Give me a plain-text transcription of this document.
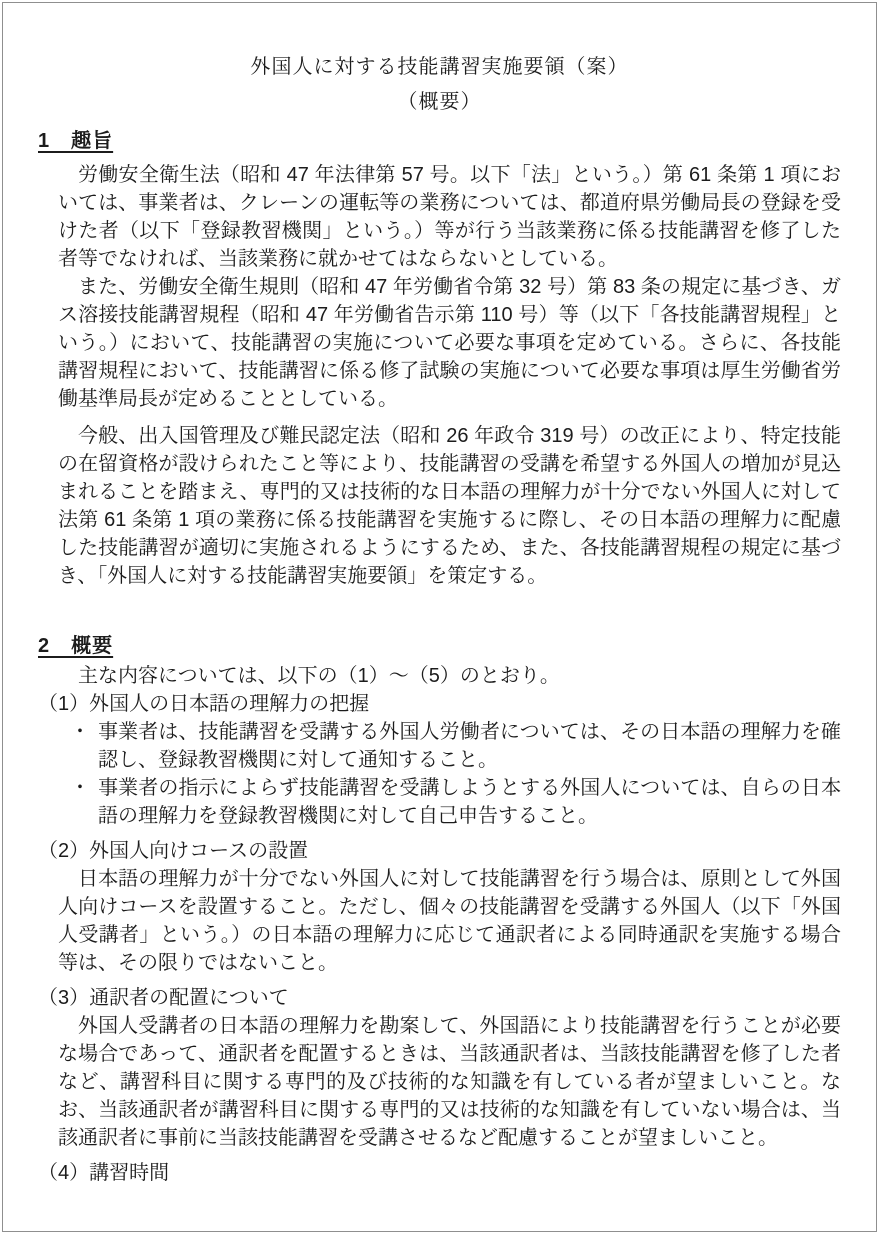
外国人に対する技能講習実施要領（案）
（概要）
1　趣旨
労働安全衛生法（昭和 47 年法律第 57 号。以下「法」という。）第 61 条第 1 項においては、事業者は、クレーンの運転等の業務については、都道府県労働局長の登録を受けた者（以下「登録教習機関」という。）等が行う当該業務に係る技能講習を修了した者等でなければ、当該業務に就かせてはならないとしている。
また、労働安全衛生規則（昭和 47 年労働省令第 32 号）第 83 条の規定に基づき、ガス溶接技能講習規程（昭和 47 年労働省告示第 110 号）等（以下「各技能講習規程」という。）において、技能講習の実施について必要な事項を定めている。さらに、各技能講習規程において、技能講習に係る修了試験の実施について必要な事項は厚生労働省労働基準局長が定めることとしている。
今般、出入国管理及び難民認定法（昭和 26 年政令 319 号）の改正により、特定技能の在留資格が設けられたこと等により、技能講習の受講を希望する外国人の増加が見込まれることを踏まえ、専門的又は技術的な日本語の理解力が十分でない外国人に対して法第 61 条第 1 項の業務に係る技能講習を実施するに際し、その日本語の理解力に配慮した技能講習が適切に実施されるようにするため、また、各技能講習規程の規定に基づき、「外国人に対する技能講習実施要領」を策定する。
2　概要
主な内容については、以下の（1）～（5）のとおり。
（1）外国人の日本語の理解力の把握
・ 事業者は、技能講習を受講する外国人労働者については、その日本語の理解力を確認し、登録教習機関に対して通知すること。
・ 事業者の指示によらず技能講習を受講しようとする外国人については、自らの日本語の理解力を登録教習機関に対して自己申告すること。
（2）外国人向けコースの設置
日本語の理解力が十分でない外国人に対して技能講習を行う場合は、原則として外国人向けコースを設置すること。ただし、個々の技能講習を受講する外国人（以下「外国人受講者」という。）の日本語の理解力に応じて通訳者による同時通訳を実施する場合等は、その限りではないこと。
（3）通訳者の配置について
外国人受講者の日本語の理解力を勘案して、外国語により技能講習を行うことが必要な場合であって、通訳者を配置するときは、当該通訳者は、当該技能講習を修了した者など、講習科目に関する専門的及び技術的な知識を有している者が望ましいこと。なお、当該通訳者が講習科目に関する専門的又は技術的な知識を有していない場合は、当該通訳者に事前に当該技能講習を受講させるなど配慮することが望ましいこと。
（4）講習時間
